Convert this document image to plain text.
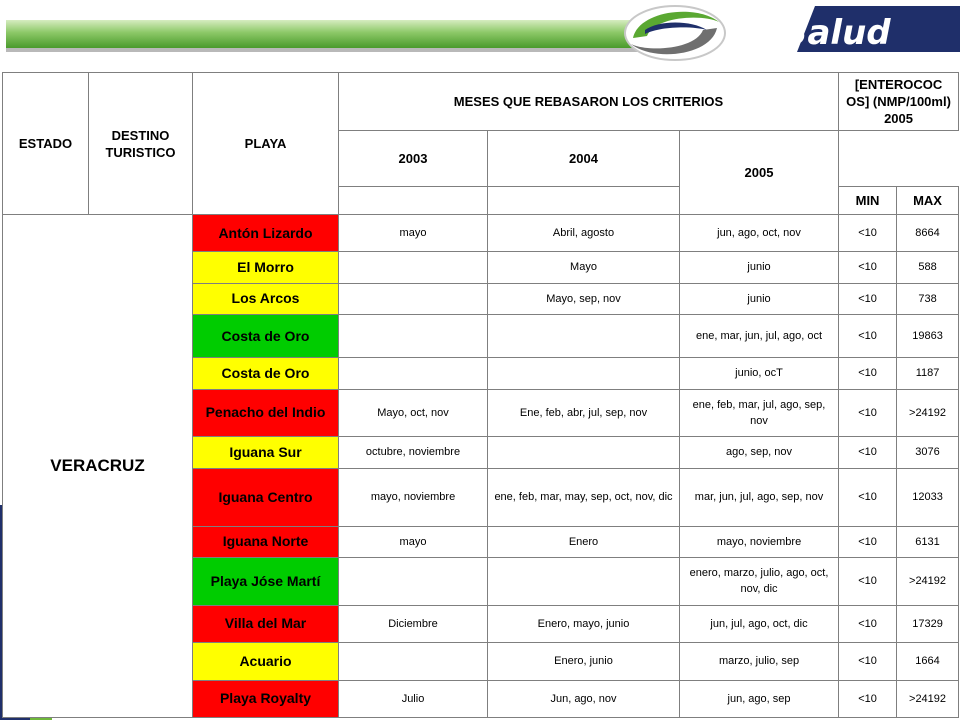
Salud
ESTADO	DESTINO TURISTICO	PLAYA	MESES QUE REBASARON LOS CRITERIOS			[ENTEROCOC OS] (NMP/100ml) 2005	
			2003	2004	2005		
						MIN	MAX
VERACRUZ		Antón Lizardo	mayo	Abril, agosto	jun, ago, oct, nov	<10	8664
		El Morro		Mayo	junio	<10	588
		Los Arcos		Mayo, sep, nov	junio	<10	738
		Costa de Oro			ene, mar, jun, jul, ago, oct	<10	19863
		Costa de Oro			junio, ocT	<10	1187
		Penacho del Indio	Mayo, oct, nov	Ene, feb, abr, jul, sep, nov	ene, feb, mar, jul, ago, sep, nov	<10	>24192
		Iguana Sur	octubre, noviembre		ago, sep, nov	<10	3076
		Iguana Centro	mayo, noviembre	ene, feb, mar, may, sep, oct, nov, dic	mar, jun, jul, ago, sep, nov	<10	12033
		Iguana Norte	mayo	Enero	mayo, noviembre	<10	6131
		Playa Jóse Martí			enero, marzo, julio, ago, oct, nov, dic	<10	>24192
		Villa del Mar	Diciembre	Enero, mayo, junio	jun, jul, ago, oct, dic	<10	17329
		Acuario		Enero, junio	marzo, julio, sep	<10	1664
		Playa Royalty	Julio	Jun, ago, nov	jun, ago, sep	<10	>24192
